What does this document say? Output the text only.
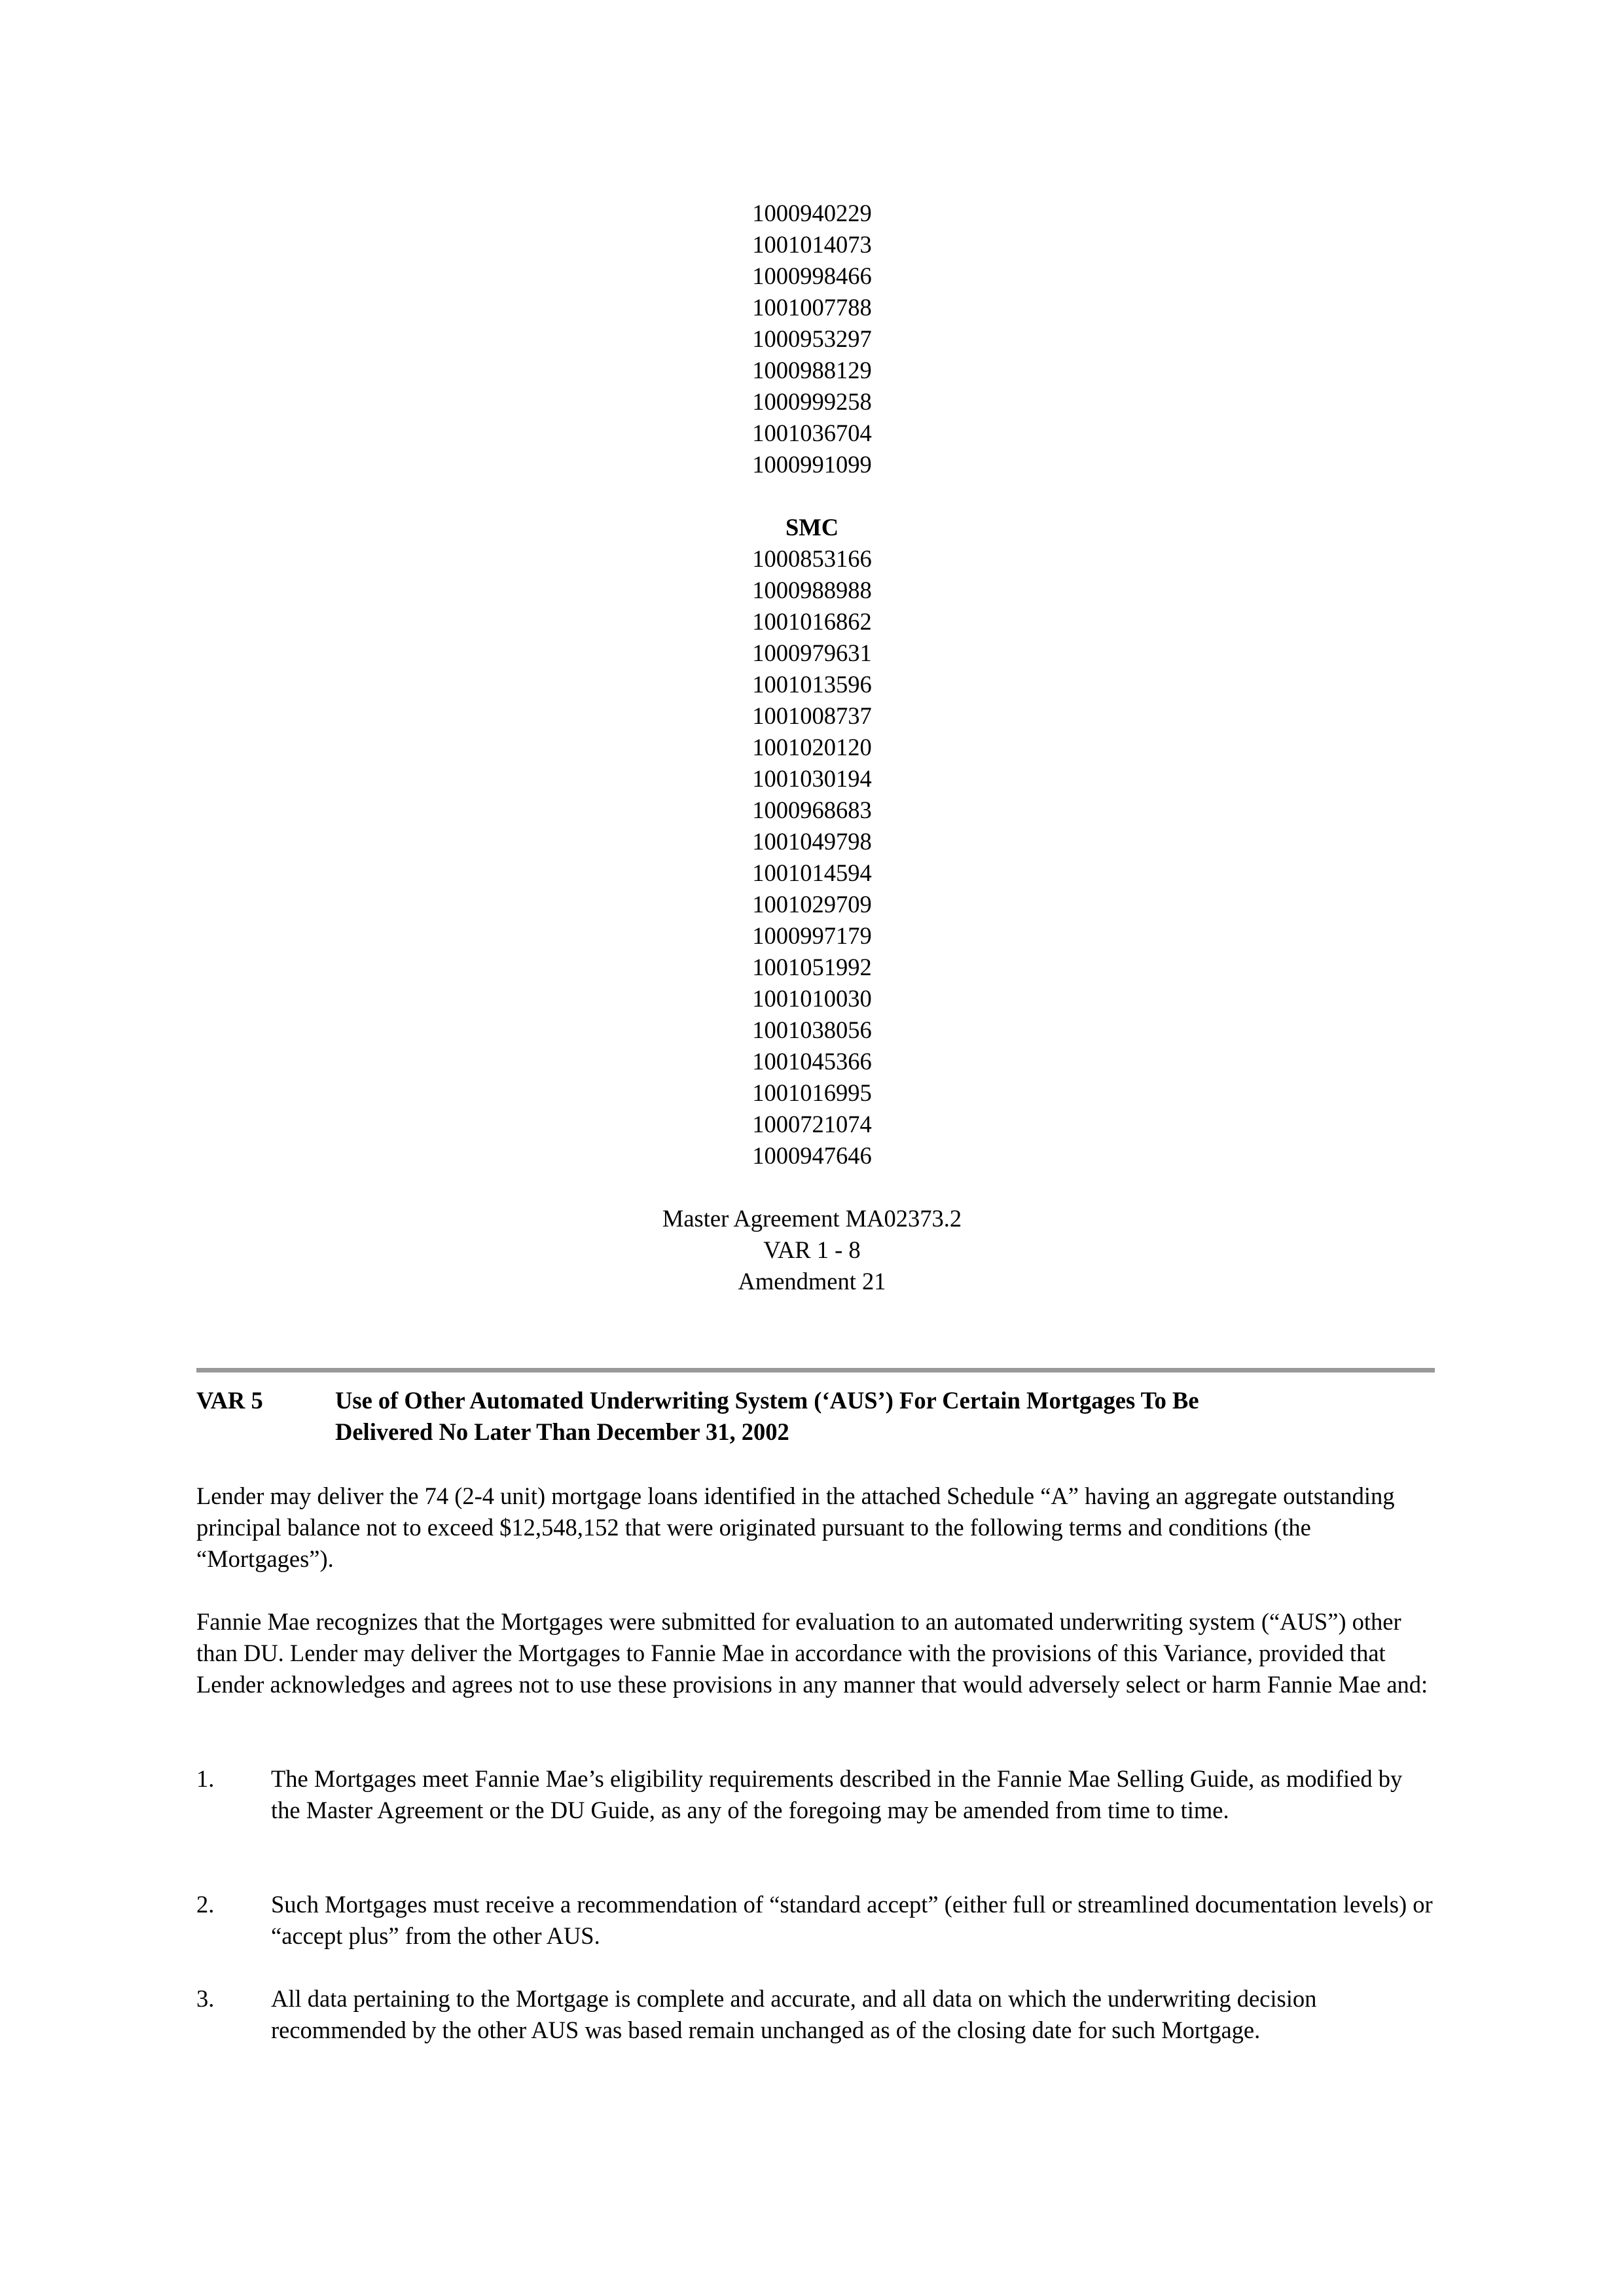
1000940229
1001014073
1000998466
1001007788
1000953297
1000988129
1000999258
1001036704
1000991099
SMC
1000853166
1000988988
1001016862
1000979631
1001013596
1001008737
1001020120
1001030194
1000968683
1001049798
1001014594
1001029709
1000997179
1001051992
1001010030
1001038056
1001045366
1001016995
1000721074
1000947646
Master Agreement MA02373.2
VAR 1 - 8
Amendment 21
VAR 5	Use of Other Automated Underwriting System (‘AUS’) For Certain Mortgages To Be
Delivered No Later Than December 31, 2002
Lender may deliver the 74 (2-4 unit) mortgage loans identified in the attached Schedule “A” having an aggregate outstanding principal balance not to exceed $12,548,152 that were originated pursuant to the following terms and conditions (the “Mortgages”).
Fannie Mae recognizes that the Mortgages were submitted for evaluation to an automated underwriting system (“AUS”) other than DU. Lender may deliver the Mortgages to Fannie Mae in accordance with the provisions of this Variance, provided that Lender acknowledges and agrees not to use these provisions in any manner that would adversely select or harm Fannie Mae and:
1. The Mortgages meet Fannie Mae’s eligibility requirements described in the Fannie Mae Selling Guide, as modified by the Master Agreement or the DU Guide, as any of the foregoing may be amended from time to time.
2. Such Mortgages must receive a recommendation of “standard accept” (either full or streamlined documentation levels) or “accept plus” from the other AUS.
3. All data pertaining to the Mortgage is complete and accurate, and all data on which the underwriting decision recommended by the other AUS was based remain unchanged as of the closing date for such Mortgage.
